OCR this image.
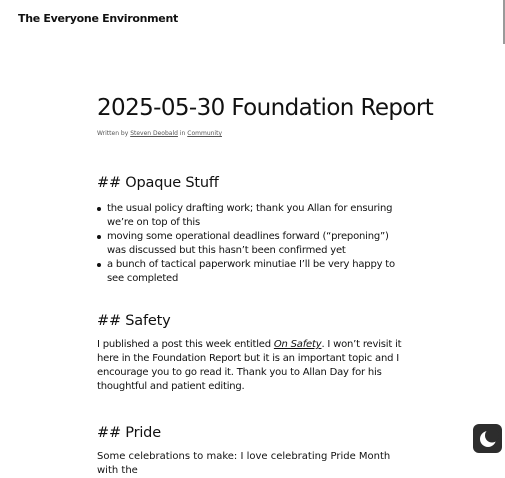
The Everyone Environment
2025-05-30 Foundation Report

Written by Steven Deobald in Community

## Opaque Stuff
the usual policy drafting work; thank you Allan for ensuring we’re on top of this
moving some operational deadlines forward (“preponing”) was discussed but this hasn’t been confirmed yet
a bunch of tactical paperwork minutiae I’ll be very happy to see completed
## Safety

I published a post this week entitled On Safety. I won’t revisit it here in the Foundation Report but it is an important topic and I encourage you to go read it. Thank you to Allan Day for his thoughtful and patient editing.

## Pride

Some celebrations to make: I love celebrating Pride Month with the
